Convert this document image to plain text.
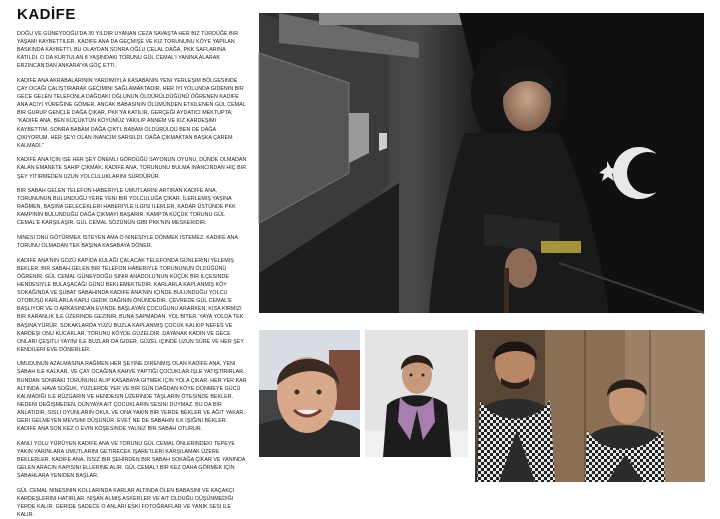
KADİFE

DOĞU VE GÜNEYDOĞU'DA 30 YILDIR UYANAN CEZA SAVAŞTA HER BIZ TÜRDÜĞE BIR YAŞAMI KAYBETTILER. KADIFE ANA DA GEÇMIŞE VE KIZ TORUNUNU KÖYE YAPILAN BASKINDA KAYBETTI. BU OLAYDAN SONRA OĞLU CELAL DAĞA, PKK SAFLARINA KATILDI. O DA KURTULAN 8 YAŞINDAKI TORUNU GÜL CEMAL'I YANINA ALARAK ERZINCAN'DAN ANKARA'YA GÖÇ ETTI.

KADIFE ANA AKRABALARININ YARDIMIYLA KASABANIN YENI YERLEŞIM BÖLGESINDE ÇAY OCAĞI ÇALIŞTIRARAK GEÇIMINI SAĞLAMAKTADIR. HER IYI YOLUNDA GIDENIN BIR GECE GELEN TELEFONLA DAĞDAKI OĞLUNUN ÖLDÜRÜLDÜĞÜNÜ ÖĞRENEN KADIFE ANA ACIYI YÜREĞINE GÖMER. ANCAK BABASININ ÖLÜMÜNDEN ETKILENEN GÜL CEMAL BIR GURUP GENÇLE DAĞA ÇIKAR, PKK'YA KATILIR. GERÇEĞI AYDATICI MEKTUPTA; "KADIFE ANA, BEN KÜÇÜKTÜN KÖYÜMÜZ YAKILIP ANNEM VE KIZ KARDEŞIMI KAYBETTIM. SONRA BABAM DAĞA ÇIKTI. BABAM ÖLDÜRÜLDÜ BEN DE DAĞA ÇIKIYORUM. HER ŞEYI OLAN İNANCIM SARSILDI. DAĞA ÇIKMAKTAN BAŞKA ÇAREM KALMADI."

KADIFE ANA IÇIN ISE HER ŞEY ÖNEMLI GÖRDÜĞÜ SAYONUN OYUNU, DÜNDE OLMADAN KALAN EMANETE SAHIP ÇIKMAK. KADIFE ANA, TORUNUNU BULMA INANCINDAN HIÇ BIR ŞEY YITIRMEDEN UZUN YOLCULUKLARINI SÜRDÜRÜR.

BIR SABAH GELEN TELEFON HABERIYLE UMUTLARINI ARTIRAN KADIFE ANA, TORUNUNUN BULUNDUĞU YERE YENI BIR YOLCULUĞA ÇIKAR. İLERLEMIŞ YAŞINA RAĞMEN, BAŞINA GELECEKLERI HABERIYLE ILGISI ILERLER, KADAR ÜSTÜNDE PKK KAMPININ BULUNDUĞU DAĞA ÇIKMAYI BAŞARIR. KAMPTA KÜÇÜK TORUNU GÜL CEMAL'E KARŞILAŞIR. GÜL CEMAL SÖZÜNÜN GIBI PKK'NIN MESKERIDIR.

NINESI ONU GÖTÜRMEK ISTEYEN AMA O NINESIYLE DÖNMEK ISTEMEZ. KADIFE ANA TORUNU OLMADAN TEK BAŞINA KASABAYA DÖNER.

KADIFE ANA'NIN GÖZÜ KAPIDA KULAĞI ÇALACAK TELEFONDA GÜNLERINI YELEMIŞ BEKLER. BIR SABAH GELEN BIR TELEFON HABERIYLE TORUNUNUN ÖLDÜĞÜNÜ ÖĞRENIR. GÜL CEMAL GÜNEYDOĞU SINIR ANADOLU'NUN KÜÇÜK BIR ILÇESINDE HENDESIYLE BULAŞACAĞI GÜNÜ BEKLEMEKTEDIR. KARLARLA KAPLANMIŞ KÖY SOKAĞINDA VE ŞUBAT SABAHINDA KADIFE ANA'NIN IÇINDE BULUNDUĞU YOLCU OTOBÜSÜ KARLARLA KAPLI GEDIK DAĞININ ÖNÜNDEDIR. ÇEVREDE GÜL CEMAL'E BAŞLIYOR VE O ARKASINDAN EVINDE BAŞLAYAN ÇOCUĞUNU ARARKEN, KISA KIRMIZI BIR KARANLIK ILE ÜZERINDE GEZINIR. BUNA SAPMADAN. YOL BITER. YAYA YOLDA TEK BAŞINA YÜRÜR. SOKAKLARDA YÜZÜ BUZLA KAPLANMIŞ ÇOCUK KALKIP NEFES VE KARDEŞI ONU KUCAKLAR. TORUNU KÖYDE GÜZELDIR. DAYANAK KADIN VE GECE ONLARI ÇEŞITLI YAYINI ILE BUZLAR DA GIDER. GÜZEL IÇINDE UZUN SÜRE VE HER ŞEY KENDILERI EVE DÖNERLER.

UMUDUNUN AZALMASINA RAĞMEN HER ŞEYINE DIRENMIŞ OLAN KADIFE ANA, YENI SABAH ILE KALKAR. VE ÇAY OCAĞINA KAHVE YAPTIĞI ÇOCUKLAR IŞLE YATIŞTIRIRLAR. BUNDAN SONRAKI TORUNUNU ALIP KASABAYA GITMEK IÇIN YOLA ÇIKAR. HER YER KAR ALTINDA, HAVA SOĞUK, YÜZLERDE YER VE BIR GÜN DAĞDAN KÖYE DÖNMEYE GÜCÜ KALMADIĞI ILE RÜZGARIN VE HENDESIN ÜZERINDE TAŞLARIN ÖTESINDE BEKLER. NEDENI DEĞIŞMEDEN, DÜNYAYA AIT ÇOCUKLARIN SESINI DUYMAZ. BU DA BIR ANLATIDIR, SISLI OYUNLARIN OKUL VE ONA YAKIN BIR YERDE BEKLER VE AĞIT YAKAR, GERI GELMEYEN MEVSIMI DÜŞÜNÜR. EVET NE DE SABAHIN ILK IŞIĞINI BEKLER. KADIFE ANA SON KEZ O EVIN KÖŞESINDE YALNIZ BIR SABAH OTURUR.

KANLI YOLU YÜRÜYEN KADIFE ANA VE TORUNU GÜL CEMAL ÖNLERINDEKI TEPEYE YAKIN YARINLARA UMUTLARINI GETIRECEK IŞARETLERI KARŞILAMAK ÜZERE BEKLERLER. KADIFE ANA, ISSIZ BIR ŞEHIRDEN BIR SABAH SOKAĞA ÇIKAR VE YANINDA GELEN ARACIN KAPISINI ELLERINE ALIR. GÜL CEMAL'I BIR KEZ DAHA GÖRMEK IÇIN SABAHLARA YENIDEN BAŞLAR.

GÜL CEMAL NINESININ KOLLARINDA KARLAR ALTINDA ÖLEN BABASINI VE KAÇAKÇI KARDEŞLERINI HATIRLAR. NIŞAN ALMIŞ ASKERLER VE AIT OLDUĞU DÜŞÜNMEDIĞI YERDE KALIR. GERIDE SADECE O ANLARI ESKI FOTOĞRAFLAR VE YANIK SESI ILE KALIR.
